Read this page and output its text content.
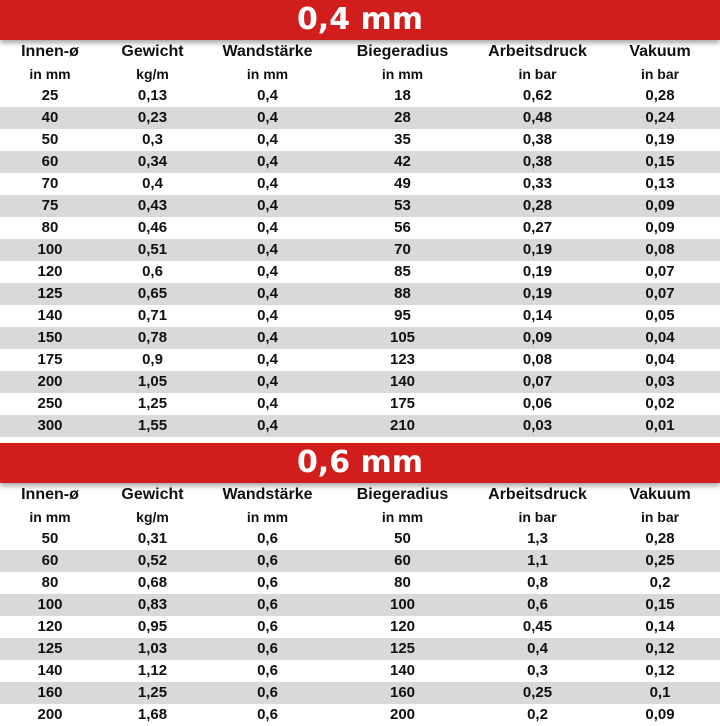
0,4 mm
Innen-ø	Gewicht	Wandstärke	Biegeradius	Arbeitsdruck	Vakuum
in mm	kg/m	in mm	in mm	in bar	in bar
25	0,13	0,4	18	0,62	0,28
40	0,23	0,4	28	0,48	0,24
50	0,3	0,4	35	0,38	0,19
60	0,34	0,4	42	0,38	0,15
70	0,4	0,4	49	0,33	0,13
75	0,43	0,4	53	0,28	0,09
80	0,46	0,4	56	0,27	0,09
100	0,51	0,4	70	0,19	0,08
120	0,6	0,4	85	0,19	0,07
125	0,65	0,4	88	0,19	0,07
140	0,71	0,4	95	0,14	0,05
150	0,78	0,4	105	0,09	0,04
175	0,9	0,4	123	0,08	0,04
200	1,05	0,4	140	0,07	0,03
250	1,25	0,4	175	0,06	0,02
300	1,55	0,4	210	0,03	0,01
0,6 mm
Innen-ø	Gewicht	Wandstärke	Biegeradius	Arbeitsdruck	Vakuum
in mm	kg/m	in mm	in mm	in bar	in bar
50	0,31	0,6	50	1,3	0,28
60	0,52	0,6	60	1,1	0,25
80	0,68	0,6	80	0,8	0,2
100	0,83	0,6	100	0,6	0,15
120	0,95	0,6	120	0,45	0,14
125	1,03	0,6	125	0,4	0,12
140	1,12	0,6	140	0,3	0,12
160	1,25	0,6	160	0,25	0,1
200	1,68	0,6	200	0,2	0,09
